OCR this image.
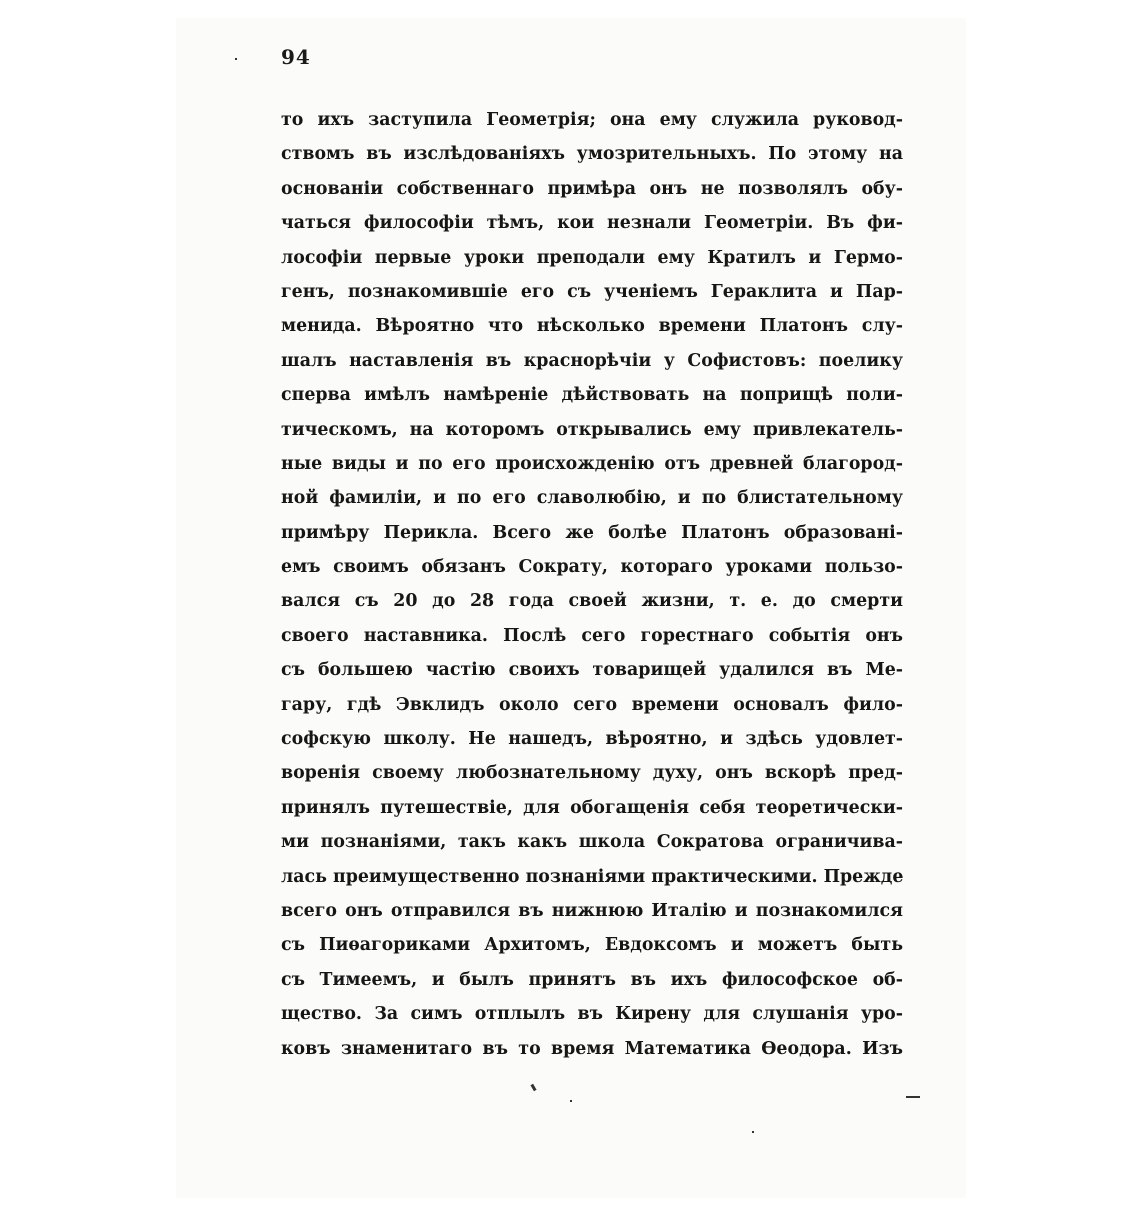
94
то ихъ заступила Геометрія; она ему служила руковод-
ствомъ въ изслѣдованіяхъ умозрительныхъ. По этому на
основаніи собственнаго примѣра онъ не позволялъ обу-
чаться философіи тѣмъ, кои незнали Геометріи. Въ фи-
лософіи первые уроки преподали ему Кратилъ и Гермо-
генъ, познакомившіе его съ ученіемъ Гераклита и Пар-
менида. Вѣроятно что нѣсколько времени Платонъ слу-
шалъ наставленія въ краснорѣчіи у Софистовъ: поелику
сперва имѣлъ намѣреніе дѣйствовать на поприщѣ поли-
тическомъ, на которомъ открывались ему привлекатель-
ные виды и по его происхожденію отъ древней благород-
ной фамиліи, и по его славолюбію, и по блистательному
примѣру Перикла. Всего же болѣе Платонъ образовані-
емъ своимъ обязанъ Сократу, котораго уроками пользо-
вался съ 20 до 28 года своей жизни, т. е. до смерти
своего наставника. Послѣ сего горестнаго событія онъ
съ большею частію своихъ товарищей удалился въ Ме-
гару, гдѣ Эвклидъ около сего времени основалъ фило-
софскую школу. Не нашедъ, вѣроятно, и здѣсь удовлет-
воренія своему любознательному духу, онъ вскорѣ пред-
принялъ путешествіе, для обогащенія себя теоретически-
ми познаніями, такъ какъ школа Сократова ограничива-
лась преимущественно познаніями практическими. Прежде
всего онъ отправился въ нижнюю Италію и познакомился
съ Пиѳагориками Архитомъ, Евдоксомъ и можетъ быть
съ Тимеемъ, и былъ принятъ въ ихъ философское об-
щество. За симъ отплылъ въ Кирену для слушанія уро-
ковъ знаменитаго въ то время Математика Ѳеодора. Изъ
